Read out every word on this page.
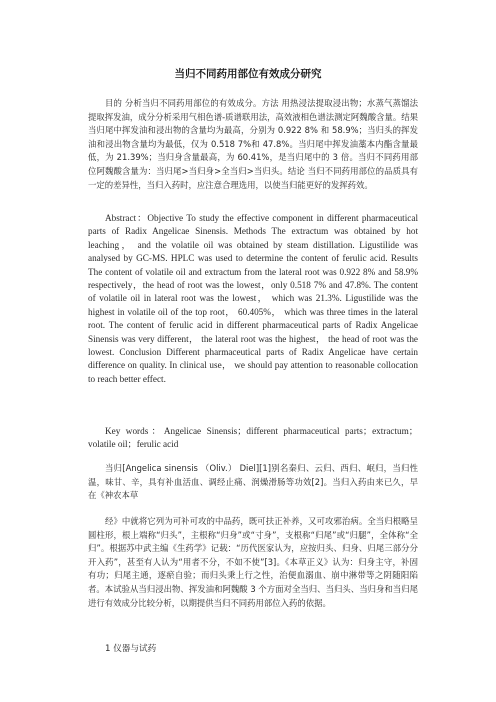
当归不同药用部位有效成分研究

目的 分析当归不同药用部位的有效成分。方法 用热浸法提取浸出物；水蒸气蒸馏法提取挥发油，成分分析采用气相色谱-质谱联用法，高效液相色谱法测定阿魏酸含量。结果 当归尾中挥发油和浸出物的含量均为最高，分别为 0.922 8% 和 58.9%；当归头的挥发油和浸出物含量均为最低，仅为 0.518 7%和 47.8%。当归尾中挥发油藁本内酯含量最低，为 21.39%；当归身含量最高，为 60.41%，是当归尾中的 3 倍。当归不同药用部位阿魏酸含量为：当归尾>当归身>全当归>当归头。结论 当归不同药用部位的品质具有一定的差异性，当归入药时，应注意合理选用，以使当归能更好的发挥药效。

Abstract：Objective To study the effective component in different pharmaceutical parts of Radix Angelicae Sinensis. Methods The extractum was obtained by hot leaching， and the volatile oil was obtained by steam distillation. Ligustilide was analysed by GC-MS. HPLC was used to determine the content of ferulic acid. Results The content of volatile oil and extractum from the lateral root was 0.922 8% and 58.9% respectively，the head of root was the lowest，only 0.518 7% and 47.8%. The content of volatile oil in lateral root was the lowest， which was 21.3%. Ligustilide was the highest in volatile oil of the top root， 60.405%， which was three times in the lateral root. The content of ferulic acid in different pharmaceutical parts of Radix Angelicae Sinensis was very different， the lateral root was the highest， the head of root was the lowest. Conclusion Different pharmaceutical parts of Radix Angelicae have certain difference on quality. In clinical use， we should pay attention to reasonable collocation to reach better effect.

Key words：Angelicae Sinensis；different pharmaceutical parts；extractum；volatile oil；ferulic acid

当归[Angelica sinensis （Oliv.） Diel][1]别名秦归、云归、西归、岷归，当归性温，味甘、辛，具有补血活血、调经止痛、润燥滑肠等功效[2]。当归入药由来已久，早在《神农本草

经》中就将它列为可补可攻的中品药，既可扶正补养，又可攻邪治病。全当归根略呈圆柱形，根上端称“归头”，主根称“归身”或“寸身”，支根称“归尾”或“归腿”，全体称“全归”。根据苏中武主编《生药学》记载：“历代医家认为，应按归头、归身、归尾三部分分开入药”，甚至有人认为“用者不分，不如不使”[3]。《本草正义》认为：归身主守，补固有功；归尾主通，逐瘀自验；而归头秉上行之性，治便血溺血、崩中淋带等之阴随阳陷者。本试验从当归浸出物、挥发油和阿魏酸 3 个方面对全当归、当归头、当归身和当归尾进行有效成分比较分析，以期提供当归不同药用部位入药的依据。

1 仪器与试药
